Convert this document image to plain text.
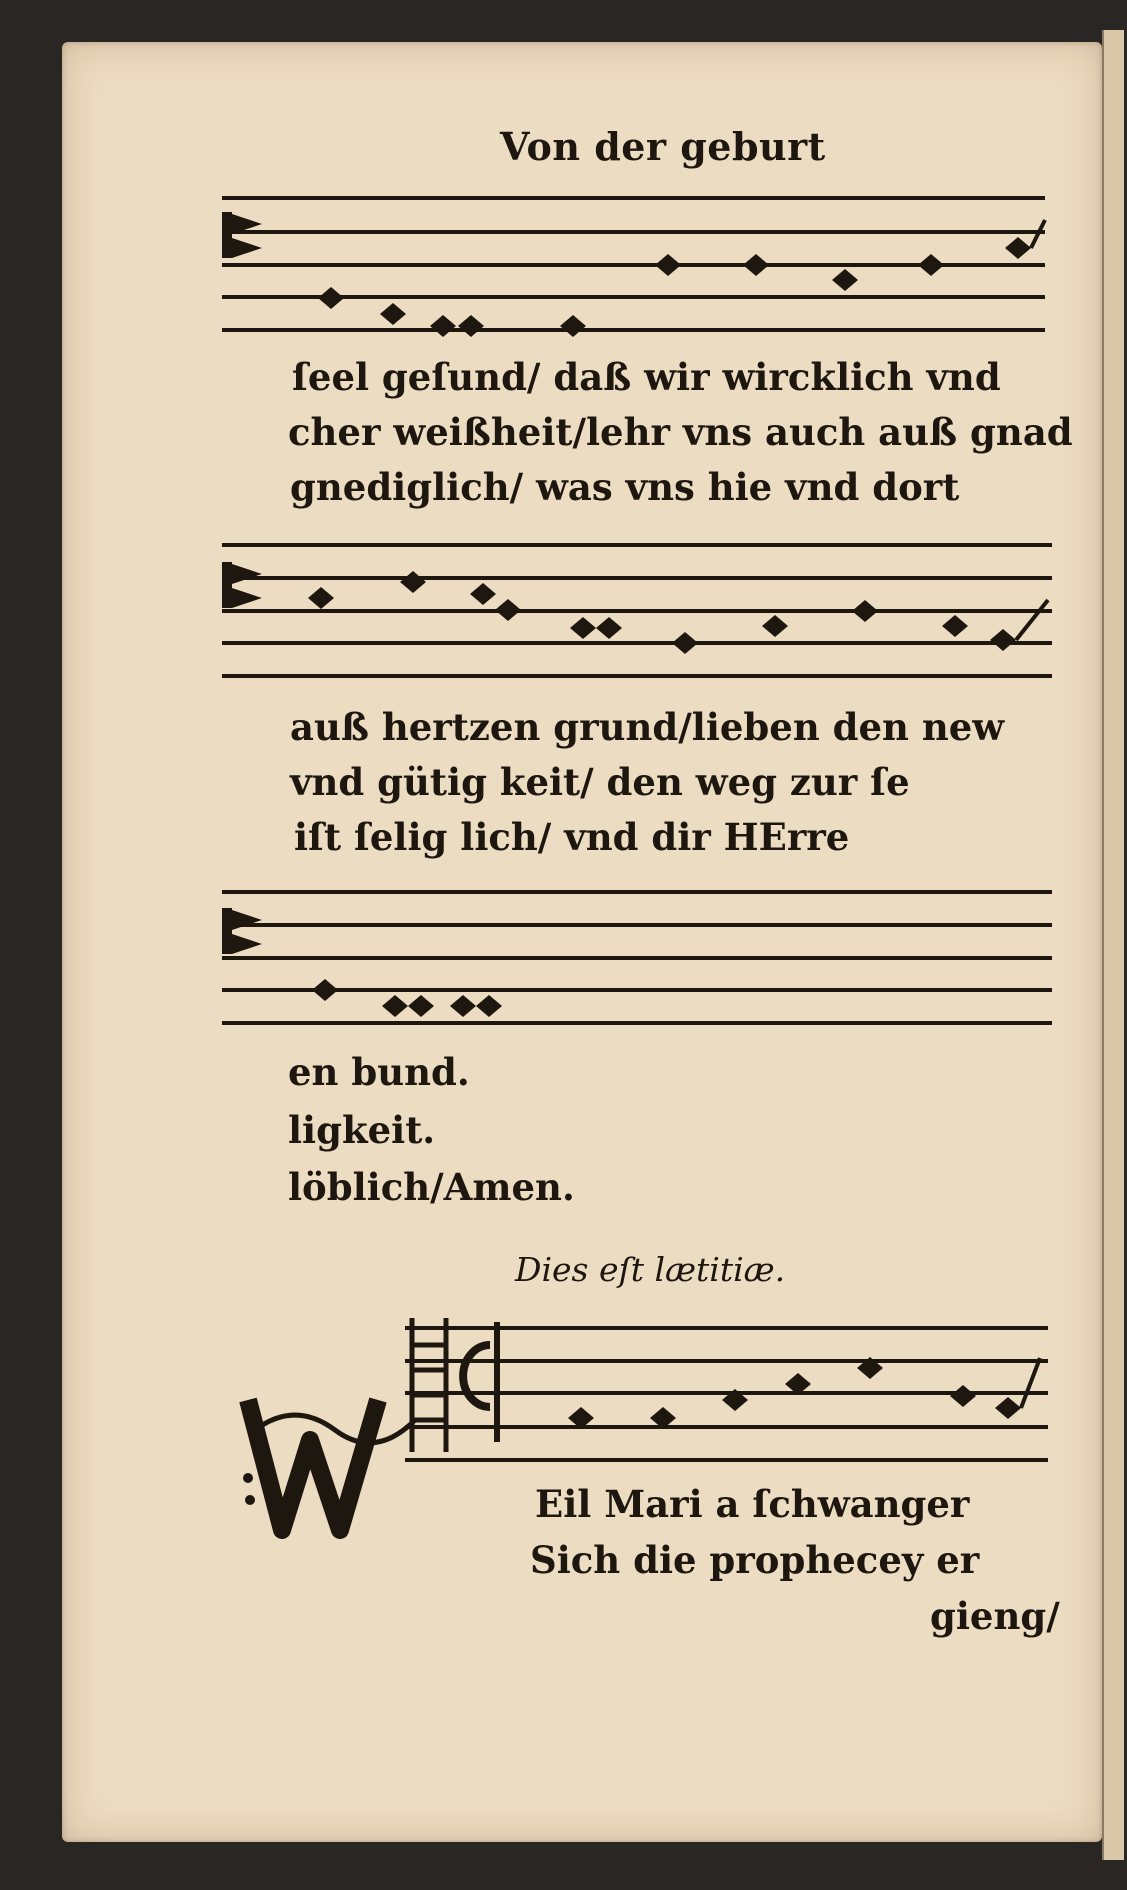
Von der geburt
ſeel geſund/ daß wir wircklich vnd
cher weißheit/lehr vns auch auß gnad
gnediglich/ was vns hie vnd dort
auß hertzen grund/lieben den new
vnd gütig keit/ den weg zur ſe
iſt ſelig lich/ vnd dir HErre
en bund.
ligkeit.
löblich/Amen.
Dies eſt lætitiæ.
Eil Mari a ſchwanger
Sich die prophecey er
gieng/
